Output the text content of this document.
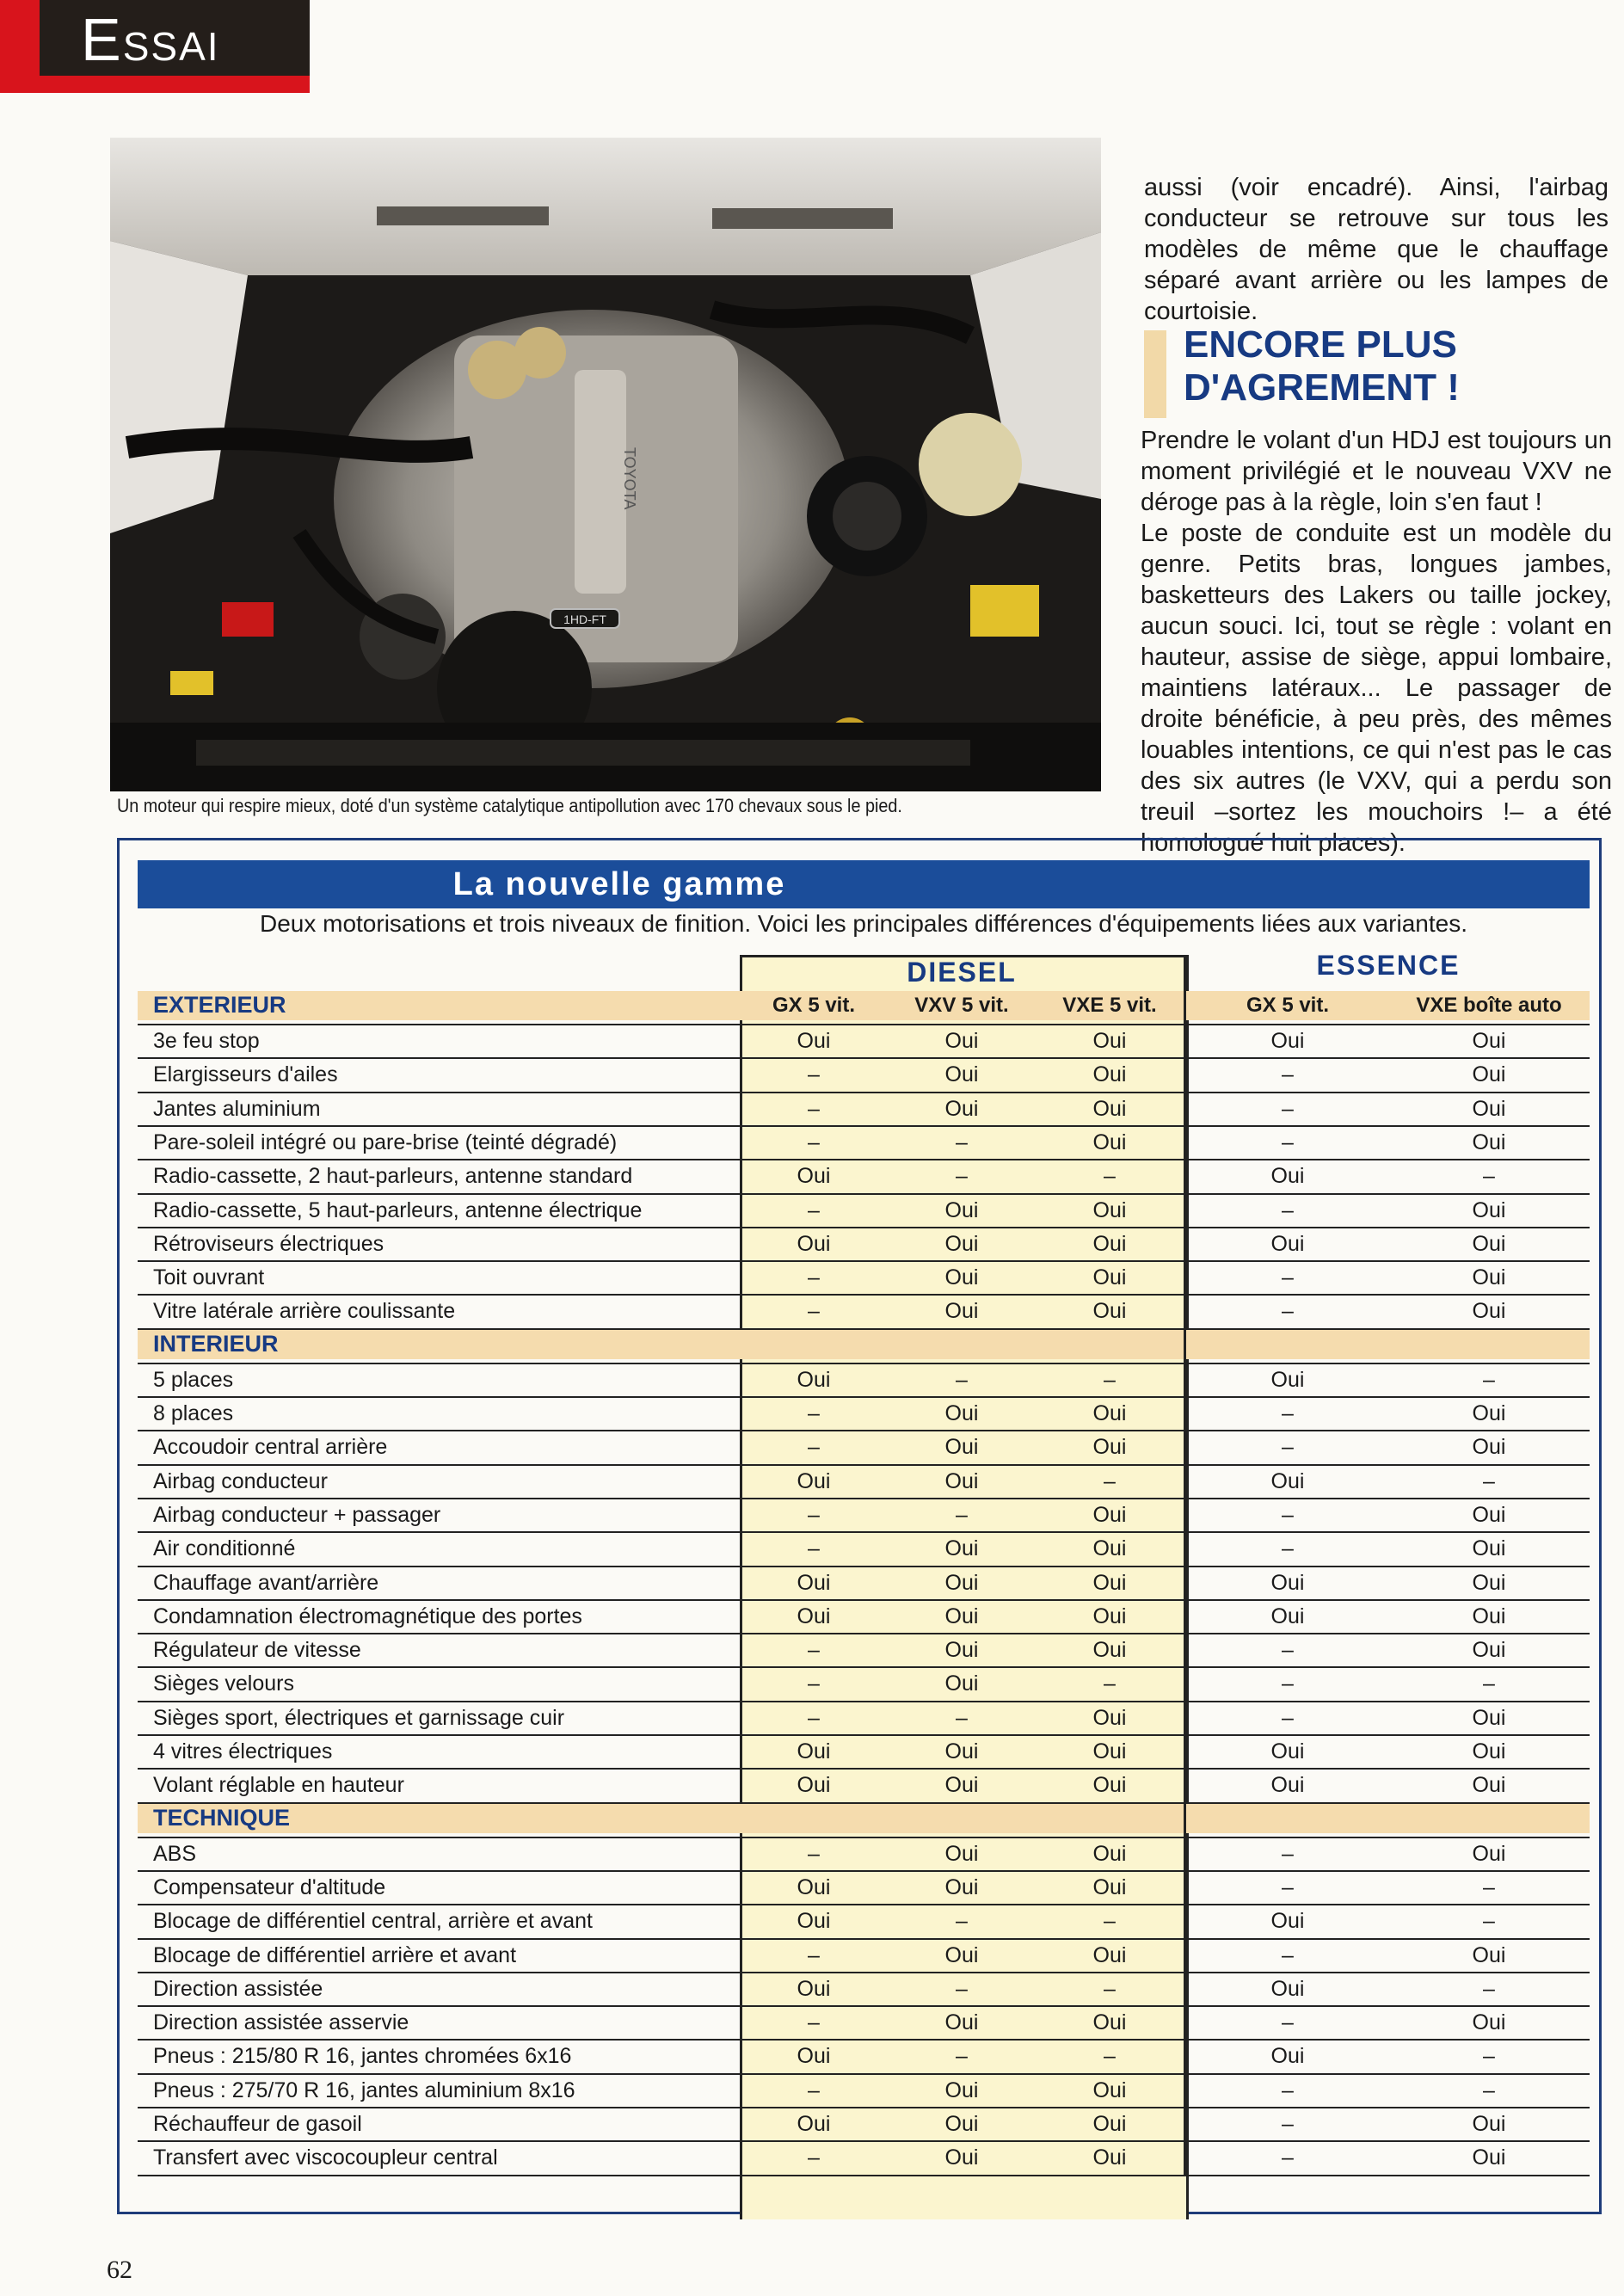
ESSAI
1HD-FT
TOYOTA
Un moteur qui respire mieux, doté d'un système catalytique antipollution avec 170 chevaux sous le pied.

aussi (voir encadré). Ainsi, l'airbag conducteur se retrouve sur tous les modèles de même que le chauffage séparé avant arrière ou les lampes de courtoisie.

ENCORE PLUS
D'AGREMENT !

Prendre le volant d'un HDJ est toujours un moment privilégié et le nouveau VXV ne déroge pas à la règle, loin s'en faut !

Le poste de conduite est un modèle du genre. Petits bras, longues jambes, basketteurs des Lakers ou taille jockey, aucun souci. Ici, tout se règle : volant en hauteur, assise de siège, appui lombaire, maintiens latéraux... Le passager de droite bénéficie, à peu près, des mêmes louables intentions, ce qui n'est pas le cas des six autres (le VXV, qui a perdu son treuil –sortez les mouchoirs !– a été homologué huit places).

La nouvelle gamme
Deux motorisations et trois niveaux de finition. Voici les principales différences d'équipements liées aux variantes.
DIESEL	ESSENCE
EXTERIEUR	GX 5 vit.	VXV 5 vit.	VXE 5 vit.	GX 5 vit.	VXE boîte auto
3e feu stop	Oui	Oui	Oui	Oui	Oui
Elargisseurs d'ailes	–	Oui	Oui	–	Oui
Jantes aluminium	–	Oui	Oui	–	Oui
Pare-soleil intégré ou pare-brise (teinté dégradé)	–	–	Oui	–	Oui
Radio-cassette, 2 haut-parleurs, antenne standard	Oui	–	–	Oui	–
Radio-cassette, 5 haut-parleurs, antenne électrique	–	Oui	Oui	–	Oui
Rétroviseurs électriques	Oui	Oui	Oui	Oui	Oui
Toit ouvrant	–	Oui	Oui	–	Oui
Vitre latérale arrière coulissante	–	Oui	Oui	–	Oui
INTERIEUR
5 places	Oui	–	–	Oui	–
8 places	–	Oui	Oui	–	Oui
Accoudoir central arrière	–	Oui	Oui	–	Oui
Airbag conducteur	Oui	Oui	–	Oui	–
Airbag conducteur + passager	–	–	Oui	–	Oui
Air conditionné	–	Oui	Oui	–	Oui
Chauffage avant/arrière	Oui	Oui	Oui	Oui	Oui
Condamnation électromagnétique des portes	Oui	Oui	Oui	Oui	Oui
Régulateur de vitesse	–	Oui	Oui	–	Oui
Sièges velours	–	Oui	–	–	–
Sièges sport, électriques et garnissage cuir	–	–	Oui	–	Oui
4 vitres électriques	Oui	Oui	Oui	Oui	Oui
Volant réglable en hauteur	Oui	Oui	Oui	Oui	Oui
TECHNIQUE
ABS	–	Oui	Oui	–	Oui
Compensateur d'altitude	Oui	Oui	Oui	–	–
Blocage de différentiel central, arrière et avant	Oui	–	–	Oui	–
Blocage de différentiel arrière et avant	–	Oui	Oui	–	Oui
Direction assistée	Oui	–	–	Oui	–
Direction assistée asservie	–	Oui	Oui	–	Oui
Pneus : 215/80 R 16, jantes chromées 6x16	Oui	–	–	Oui	–
Pneus : 275/70 R 16, jantes aluminium 8x16	–	Oui	Oui	–	–
Réchauffeur de gasoil	Oui	Oui	Oui	–	Oui
Transfert avec viscocoupleur central	–	Oui	Oui	–	Oui
62
